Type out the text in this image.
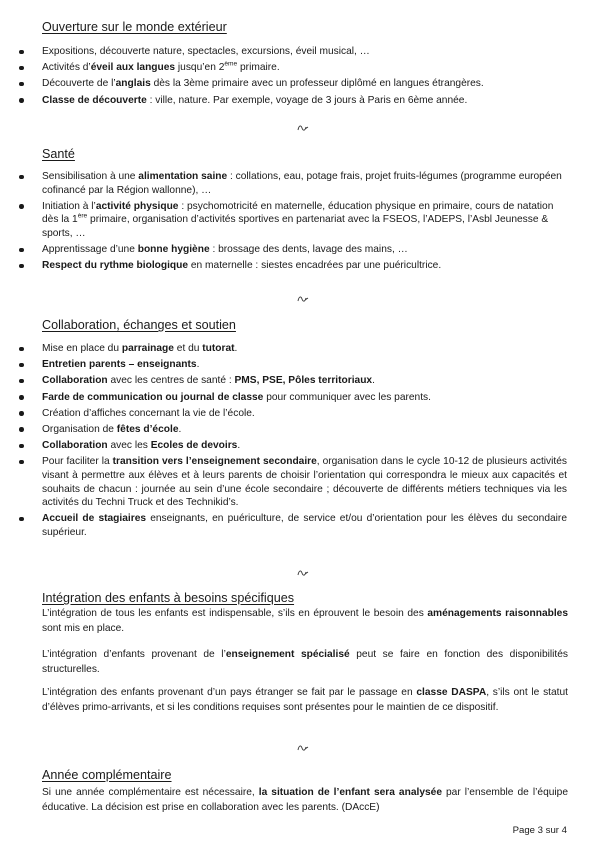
Ouverture sur le monde extérieur
Expositions, découverte nature, spectacles, excursions, éveil musical, …
Activités d’éveil aux langues jusqu’en 2ème primaire.
Découverte de l’anglais dès la 3ème primaire avec un professeur diplômé en langues étrangères.
Classe de découverte : ville, nature. Par exemple, voyage de 3 jours à Paris en 6ème année.
Santé
Sensibilisation à une alimentation saine : collations, eau, potage frais, projet fruits-légumes (programme européen cofinancé par la Région wallonne), …
Initiation à l’activité physique : psychomotricité en maternelle, éducation physique en primaire, cours de natation dès la 1ère primaire, organisation d’activités sportives en partenariat avec la FSEOS, l’ADEPS, l’Asbl Jeunesse & sports, …
Apprentissage d’une bonne hygiène : brossage des dents, lavage des mains, …
Respect du rythme biologique en maternelle : siestes encadrées par une puéricultrice.
Collaboration, échanges et soutien
Mise en place du parrainage et du tutorat.
Entretien parents – enseignants.
Collaboration avec les centres de santé : PMS, PSE, Pôles territoriaux.
Farde de communication ou journal de classe pour communiquer avec les parents.
Création d’affiches concernant la vie de l’école.
Organisation de fêtes d’école.
Collaboration avec les Ecoles de devoirs.
Pour faciliter la transition vers l’enseignement secondaire, organisation dans le cycle 10-12 de plusieurs activités visant à permettre aux élèves et à leurs parents de choisir l’orientation qui correspondra le mieux aux capacités et souhaits de chacun : journée au sein d’une école secondaire ; découverte de différents métiers techniques via les activités du Techni Truck et des Technikid’s.
Accueil de stagiaires enseignants, en puériculture, de service et/ou d’orientation pour les élèves du secondaire supérieur.
Intégration des enfants à besoins spécifiques

L’intégration de tous les enfants est indispensable, s’ils en éprouvent le besoin des aménagements raisonnables sont mis en place.

L’intégration d’enfants provenant de l’enseignement spécialisé peut se faire en fonction des disponibilités structurelles.

L’intégration des enfants provenant d’un pays étranger se fait par le passage en classe DASPA, s’ils ont le statut d’élèves primo-arrivants, et si les conditions requises sont présentes pour le maintien de ce dispositif.

Année complémentaire

Si une année complémentaire est nécessaire, la situation de l’enfant sera analysée par l’ensemble de l’équipe éducative. La décision est prise en collaboration avec les parents. (DAccE)

Page 3 sur 4
